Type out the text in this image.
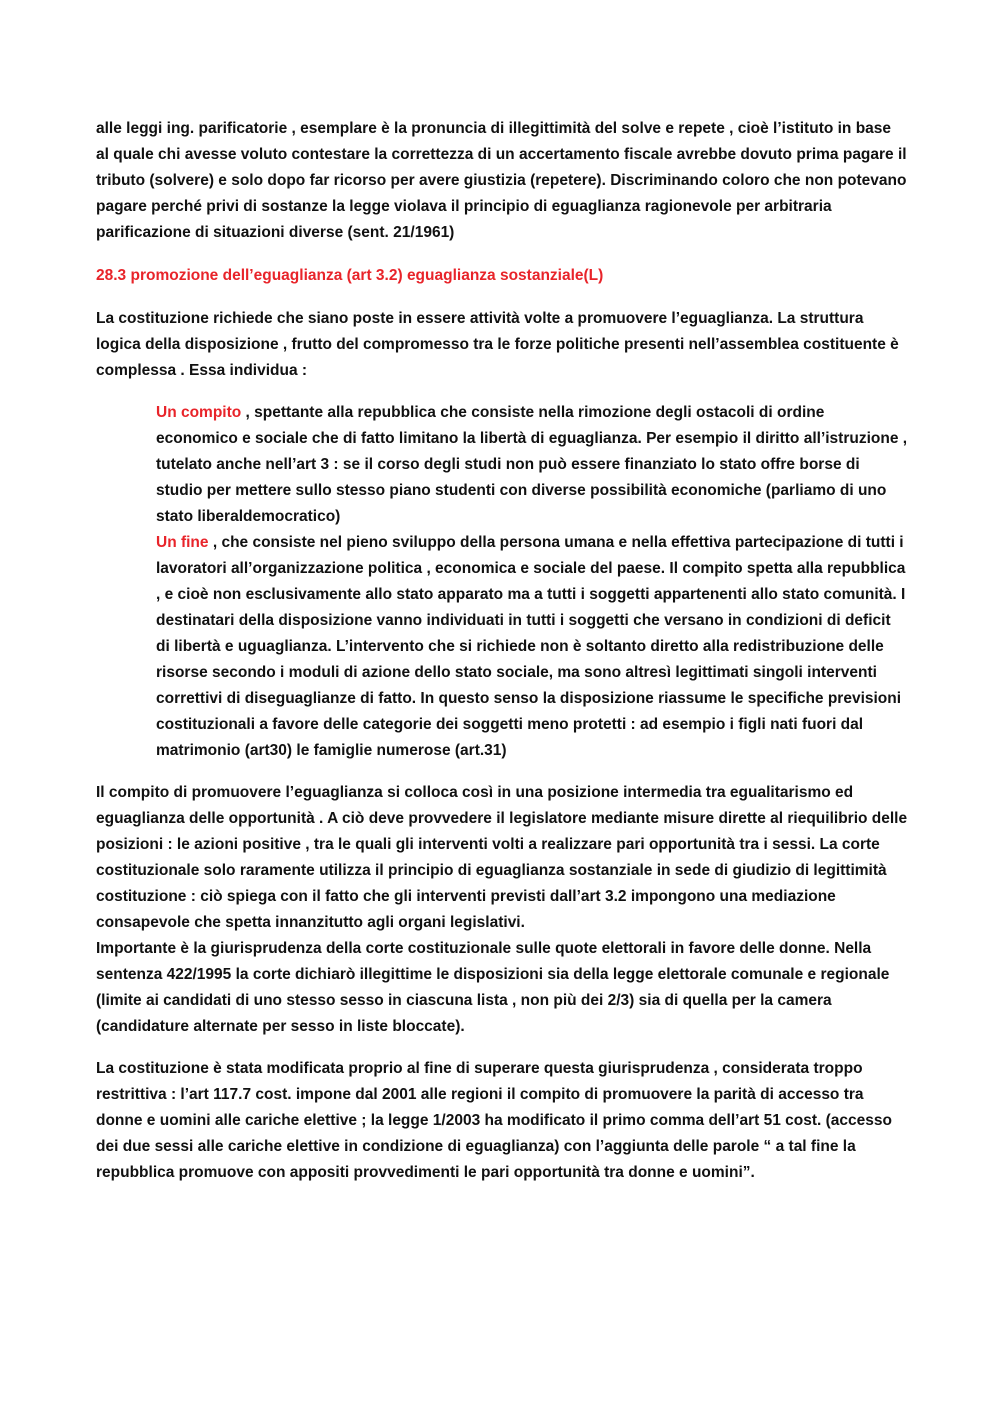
alle leggi ing. parificatorie , esemplare è la pronuncia di illegittimità del solve e repete , cioè l’istituto in base al quale chi avesse voluto contestare la correttezza di un accertamento fiscale avrebbe dovuto prima pagare il tributo (solvere) e solo dopo far ricorso per avere giustizia (repetere). Discriminando coloro che non potevano pagare perché privi di sostanze la legge violava il principio di eguaglianza ragionevole per arbitraria parificazione di situazioni diverse (sent. 21/1961)

28.3 promozione dell’eguaglianza (art 3.2) eguaglianza sostanziale(L)

La costituzione richiede che siano poste in essere attività volte a promuovere l’eguaglianza. La struttura logica della disposizione , frutto del compromesso tra le forze politiche presenti nell’assemblea costituente è complessa . Essa individua :

Un compito , spettante alla repubblica che consiste nella rimozione degli ostacoli di ordine economico e sociale che di fatto limitano la libertà di eguaglianza. Per esempio il diritto all’istruzione , tutelato anche nell’art 3 : se il corso degli studi non può essere finanziato lo stato offre borse di studio per mettere sullo stesso piano studenti con diverse possibilità economiche (parliamo di uno stato liberaldemocratico)

Un fine , che consiste nel pieno sviluppo della persona umana e nella effettiva partecipazione di tutti i lavoratori all’organizzazione politica , economica e sociale del paese. Il compito spetta alla repubblica , e cioè non esclusivamente allo stato apparato ma a tutti i soggetti appartenenti allo stato comunità. I destinatari della disposizione vanno individuati in tutti i soggetti che versano in condizioni di deficit di libertà e uguaglianza. L’intervento che si richiede non è soltanto diretto alla redistribuzione delle risorse secondo i moduli di azione dello stato sociale, ma sono altresì legittimati singoli interventi correttivi di diseguaglianze di fatto. In questo senso la disposizione riassume le specifiche previsioni costituzionali a favore delle categorie dei soggetti meno protetti : ad esempio i figli nati fuori dal matrimonio (art30) le famiglie numerose (art.31)

Il compito di promuovere l’eguaglianza si colloca così in una posizione intermedia tra egualitarismo ed eguaglianza delle opportunità . A ciò deve provvedere il legislatore mediante misure dirette al riequilibrio delle posizioni : le azioni positive , tra le quali gli interventi volti a realizzare pari opportunità tra i sessi. La corte costituzionale solo raramente utilizza il principio di eguaglianza sostanziale in sede di giudizio di legittimità costituzione : ciò spiega con il fatto che gli interventi previsti dall’art 3.2 impongono una mediazione consapevole che spetta innanzitutto agli organi legislativi.

Importante è la giurisprudenza della corte costituzionale sulle quote elettorali in favore delle donne. Nella sentenza 422/1995 la corte dichiarò illegittime le disposizioni sia della legge elettorale comunale e regionale (limite ai candidati di uno stesso sesso in ciascuna lista , non più dei 2/3) sia di quella per la camera (candidature alternate per sesso in liste bloccate).

La costituzione è stata modificata proprio al fine di superare questa giurisprudenza , considerata troppo restrittiva : l’art 117.7 cost. impone dal 2001 alle regioni il compito di promuovere la parità di accesso tra donne e uomini alle cariche elettive ; la legge 1/2003 ha modificato il primo comma dell’art 51 cost. (accesso dei due sessi alle cariche elettive in condizione di eguaglianza) con l’aggiunta delle parole “ a tal fine la repubblica promuove con appositi provvedimenti le pari opportunità tra donne e uomini”.
